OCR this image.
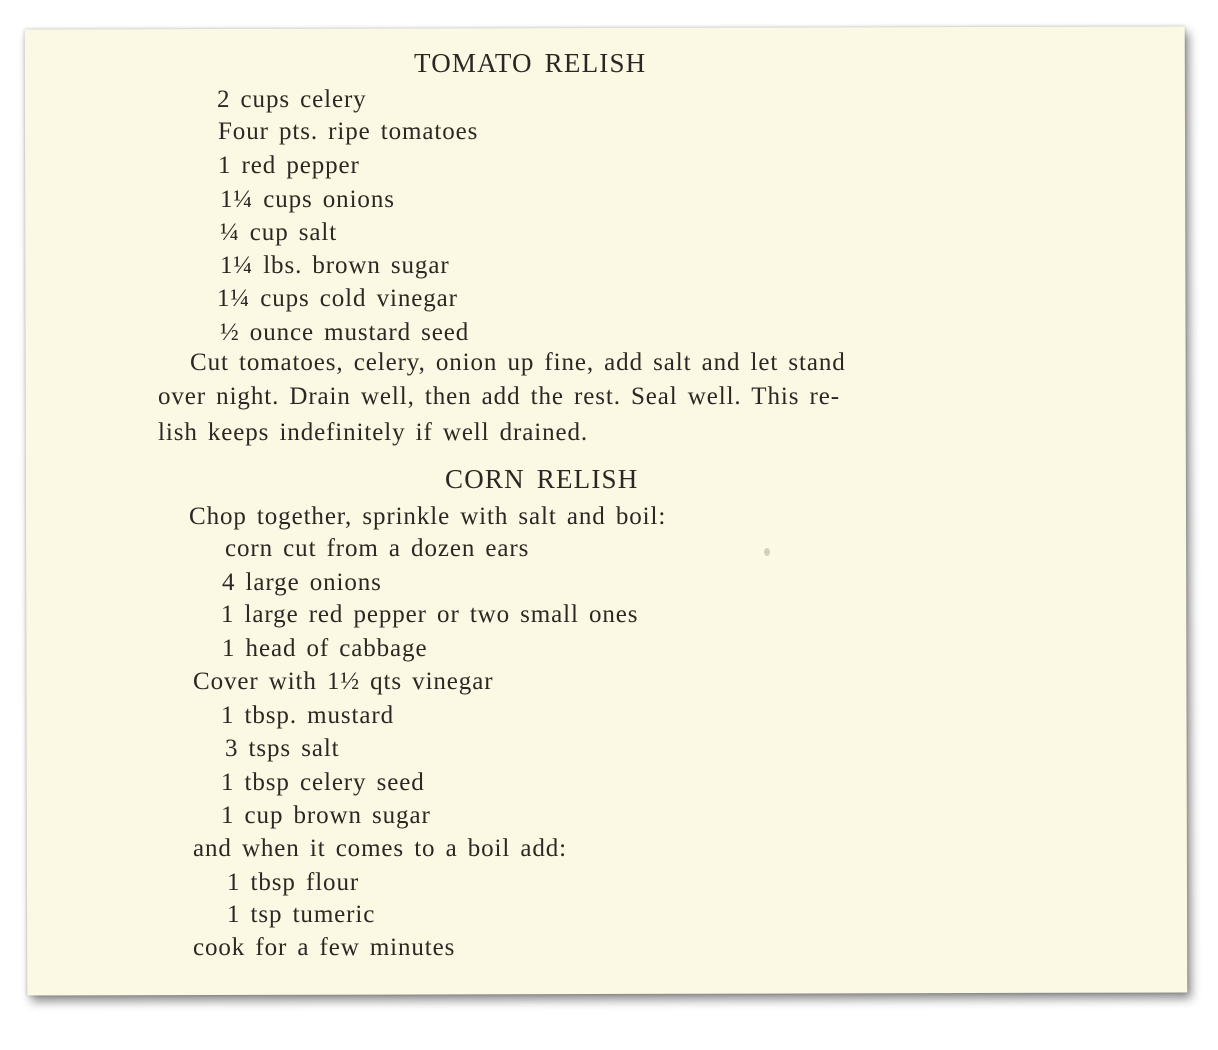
TOMATO RELISH
2 cups celery
Four pts. ripe tomatoes
1 red pepper
1¼ cups onions
¼ cup salt
1¼ lbs. brown sugar
1¼ cups cold vinegar
½ ounce mustard seed
Cut tomatoes, celery, onion up fine, add salt and let stand
over night. Drain well, then add the rest. Seal well. This re-
lish keeps indefinitely if well drained.
CORN RELISH
Chop together, sprinkle with salt and boil:
corn cut from a dozen ears
4 large onions
1 large red pepper or two small ones
1 head of cabbage
Cover with 1½ qts vinegar
1 tbsp. mustard
3 tsps salt
1 tbsp celery seed
1 cup brown sugar
and when it comes to a boil add:
1 tbsp flour
1 tsp tumeric
cook for a few minutes
